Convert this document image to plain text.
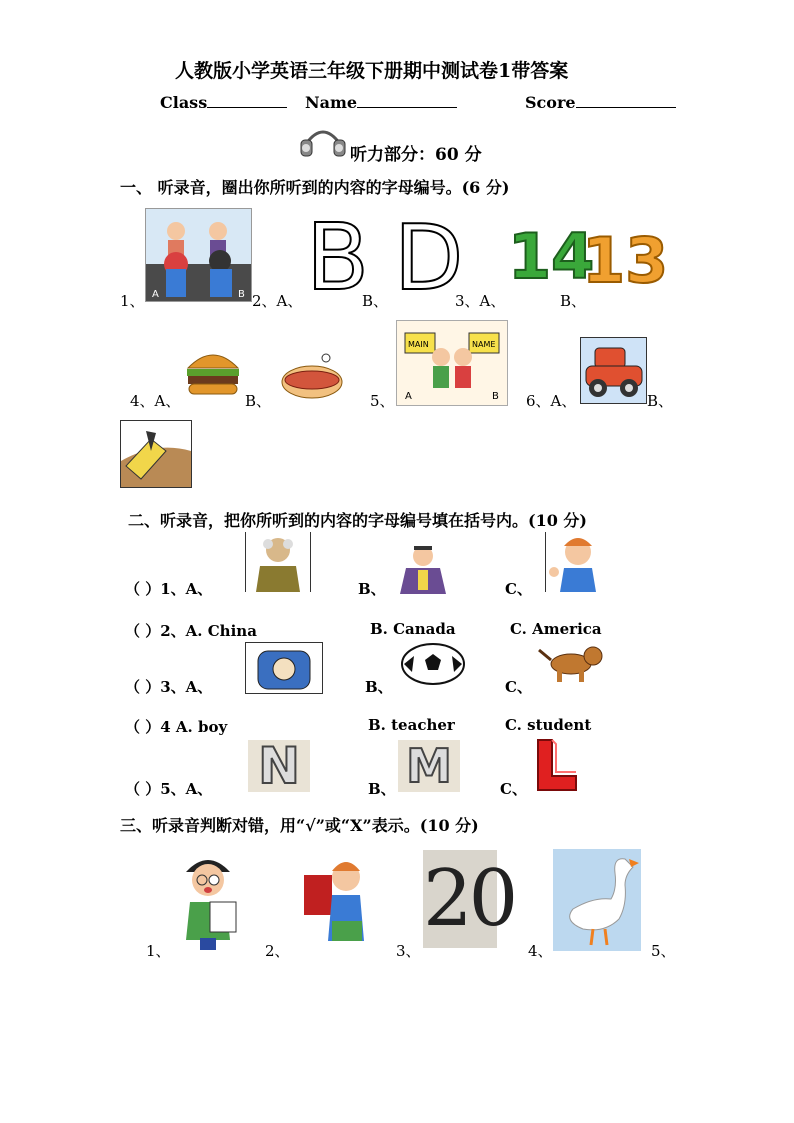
人教版小学英语三年级下册期中测试卷1带答案
Class	Name	Score
听力部分：60 分
一、 听录音，圈出你所听到的内容的字母编号。(6 分)
A	B
1、	2、A、 B
B、 D
3、A、
14
B、
13
4、A、	B、	5、
MAIN	NAME
A	B 6、A、	B、
二、听录音，把你所听到的内容的字母编号填在括号内。(10 分)
（ ）1、A、	B、	C、
（ ）2、A. China	B. Canada	C. America
（ ）3、A、	B、	C、
（ ）4 A. boy	B. teacher	C. student
（ ）5、A、 N	B、 M	C、
三、听录音判断对错，用“√”或“X”表示。(10 分)
1、	2、
20
3、	4、	5、
